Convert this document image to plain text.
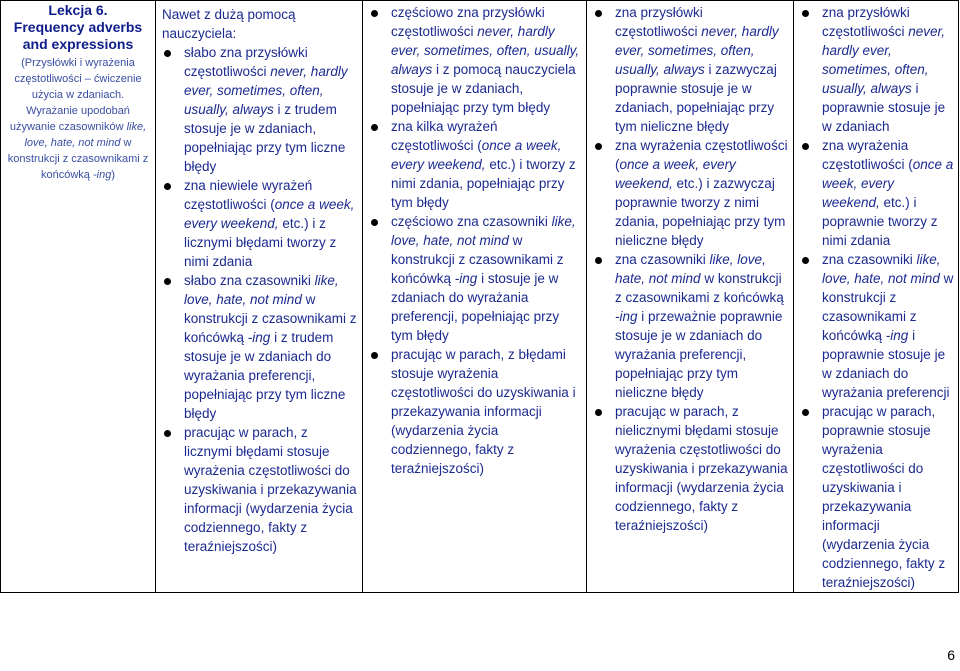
Lekcja 6.
Frequency adverbs and expressions
(Przysłówki i wyrażenia częstotliwości – ćwiczenie użycia w zdaniach. Wyrażanie upodobań używanie czasowników like, love, hate, not mind w konstrukcji z czasownikami z końcówką -ing)

Nawet z dużą pomocą nauczyciela:

słabo zna przysłówki częstotliwości never, hardly ever, sometimes, often, usually, always i z trudem stosuje je w zdaniach, popełniając przy tym liczne błędy
zna niewiele wyrażeń częstotliwości (once a week, every weekend, etc.) i z licznymi błędami tworzy z nimi zdania
słabo zna czasowniki like, love, hate, not mind w konstrukcji z czasownikami z końcówką -ing i z trudem stosuje je w zdaniach do wyrażania preferencji, popełniając przy tym liczne błędy
pracując w parach, z licznymi błędami stosuje wyrażenia częstotliwości do uzyskiwania i przekazywania informacji (wydarzenia życia codziennego, fakty z teraźniejszości)

częściowo zna przysłówki częstotliwości never, hardly ever, sometimes, often, usually, always i z pomocą nauczyciela stosuje je w zdaniach, popełniając przy tym błędy
zna kilka wyrażeń częstotliwości (once a week, every weekend, etc.) i tworzy z nimi zdania, popełniając przy tym błędy
częściowo zna czasowniki like, love, hate, not mind w konstrukcji z czasownikami z końcówką -ing i stosuje je w zdaniach do wyrażania preferencji, popełniając przy tym błędy
pracując w parach, z błędami stosuje wyrażenia częstotliwości do uzyskiwania i przekazywania informacji (wydarzenia życia codziennego, fakty z teraźniejszości)

zna przysłówki częstotliwości never, hardly ever, sometimes, often, usually, always i zazwyczaj poprawnie stosuje je w zdaniach, popełniając przy tym nieliczne błędy
zna wyrażenia częstotliwości (once a week, every weekend, etc.) i zazwyczaj poprawnie tworzy z nimi zdania, popełniając przy tym nieliczne błędy
zna czasowniki like, love, hate, not mind w konstrukcji z czasownikami z końcówką -ing i przeważnie poprawnie stosuje je w zdaniach do wyrażania preferencji, popełniając przy tym nieliczne błędy
pracując w parach, z nielicznymi błędami stosuje wyrażenia częstotliwości do uzyskiwania i przekazywania informacji (wydarzenia życia codziennego, fakty z teraźniejszości)

zna przysłówki częstotliwości never, hardly ever, sometimes, often, usually, always i poprawnie stosuje je w zdaniach
zna wyrażenia częstotliwości (once a week, every weekend, etc.) i poprawnie tworzy z nimi zdania
zna czasowniki like, love, hate, not mind w konstrukcji z czasownikami z końcówką -ing i poprawnie stosuje je w zdaniach do wyrażania preferencji
pracując w parach, poprawnie stosuje wyrażenia częstotliwości do uzyskiwania i przekazywania informacji (wydarzenia życia codziennego, fakty z teraźniejszości)
6
